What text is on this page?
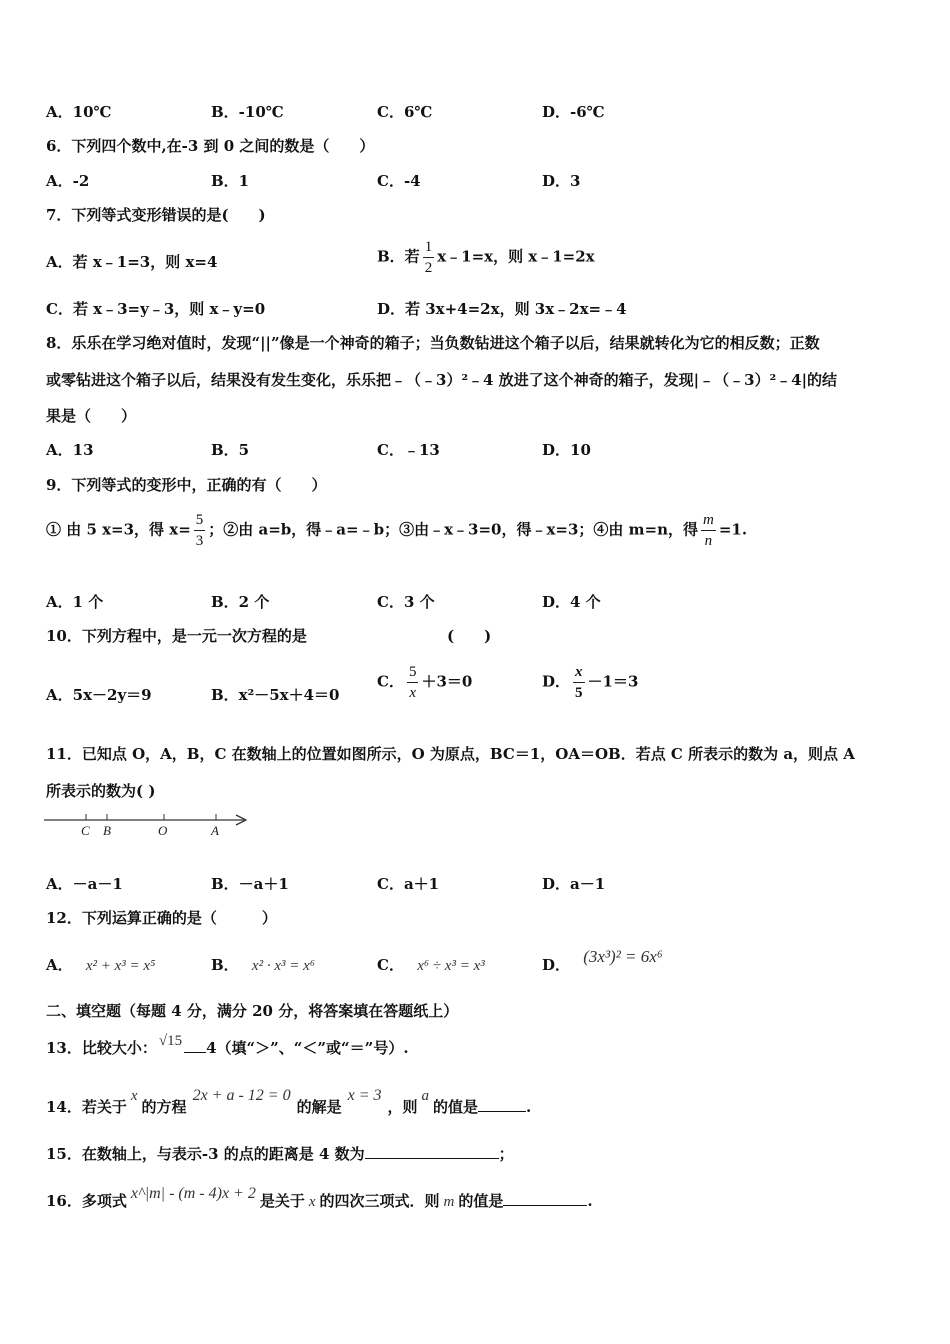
A．10℃	B．-10℃	C．6℃	D．-6℃
6．下列四个数中,在-3 到 0 之间的数是（　　）
A．-2	B．1	C．-4	D．3
7．下列等式变形错误的是(　　)
A．若 x﹣1=3，则 x=4	B．若 $\frac{1}{2}$ x﹣1=x，则 x﹣1=2x
C．若 x﹣3=y﹣3，则 x﹣y=0	D．若 3x+4=2x，则 3x﹣2x=﹣4
8．乐乐在学习绝对值时，发现“||”像是一个神奇的箱子；当负数钻进这个箱子以后，结果就转化为它的相反数；正数
或零钻进这个箱子以后，结果没有发生变化，乐乐把﹣（﹣3）²﹣4 放进了这个神奇的箱子，发现|﹣（﹣3）²﹣4|的结
果是（　　）
A．13	B．5	C．﹣13	D．10
9．下列等式的变形中，正确的有（　　）
① 由 5 x=3，得 $x= \frac{5}{3}$ ；②由 a=b，得﹣a=﹣b；③由﹣x﹣3=0，得﹣x=3；④由 m=n，得 $\frac{m}{n} =1$.
A．1 个	B．2 个	C．3 个	D．4 个
10．下列方程中，是一元一次方程的是	(　　)
A．5x－2y＝9	B．x²－5x＋4＝0
C． $\frac{5}{x} +3=0$	D． $\frac{x}{5} -1=3$
11．已知点 O，A，B，C 在数轴上的位置如图所示，O 为原点，BC＝1，OA＝OB．若点 C 所表示的数为 a，则点 A
所表示的数为( )
C B	O	A
A．－a－1	B．－a＋1	C．a＋1	D．a－1
12．下列运算正确的是（　　　）
A． x² + x³ = x⁵	B． x² · x³ = x⁶	C． x⁶ ÷ x³ = x³	D． (3x³)² = 6x⁶
二、填空题（每题 4 分，满分 20 分，将答案填在答题纸上）
13．比较大小： √15 4（填“＞”、“＜”或“＝”号）.
14．若关于x的方程2x + a - 12 = 0的解是x = 3，则a的值是	.
15．在数轴上，与表示-3 的点的距离是 4 数为	；
16．多项式 x^|m| - (m - 4)x + 2 是关于 x 的四次三项式．则 m 的值是	.
